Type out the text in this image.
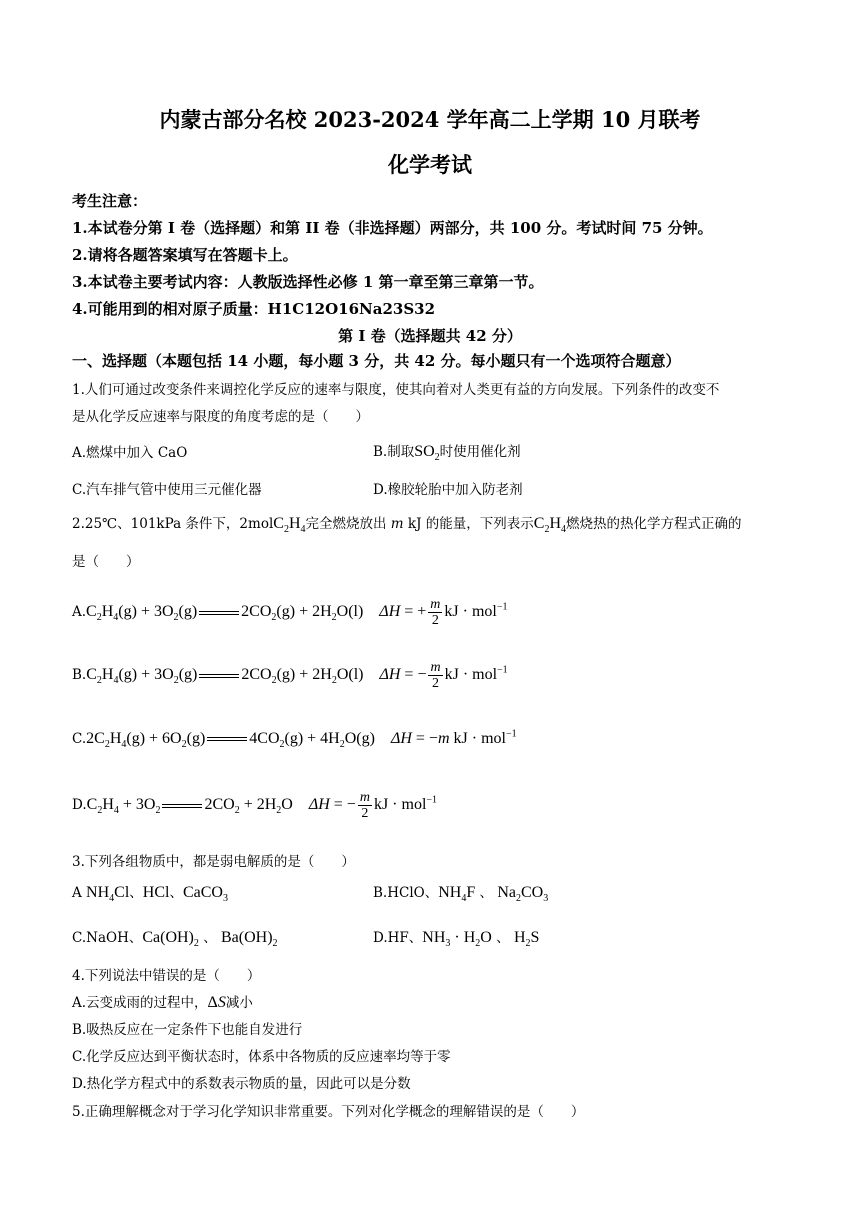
内蒙古部分名校 2023-2024 学年高二上学期 10 月联考
化学考试
考生注意：
1.本试卷分第 I 卷（选择题）和第 II 卷（非选择题）两部分，共 100 分。考试时间 75 分钟。
2.请将各题答案填写在答题卡上。
3.本试卷主要考试内容：人教版选择性必修 1 第一章至第三章第一节。
4.可能用到的相对原子质量：H1C12O16Na23S32
第 I 卷（选择题共 42 分）
一、选择题（本题包括 14 小题，每小题 3 分，共 42 分。每小题只有一个选项符合题意）
1.人们可通过改变条件来调控化学反应的速率与限度，使其向着对人类更有益的方向发展。下列条件的改变不
是从化学反应速率与限度的角度考虑的是（　　）
A.燃煤中加入 CaO	B.制取$SO_2$时使用催化剂
C.汽车排气管中使用三元催化器	D.橡胶轮胎中加入防老剂
2.25℃、101kPa 条件下，$2molC_2H_4$完全燃烧放出 m kJ 的能量，下列表示$C_2H_4$燃烧热的热化学方程式正确的
是（　　）
$A.C_2H_4(g) + 3O_2(g)$	$2CO_2(g) + 2H_2O(l)$    ΔH = + $\frac{m}{2}$ kJ · mol$^{-1}$
$B.C_2H_4(g) + 3O_2(g)$	$2CO_2(g) + 2H_2O(l)$    ΔH = − $\frac{m}{2}$ kJ · mol$^{-1}$
$C.2C_2H_4(g) + 6O_2(g)$	$4CO_2(g) + 4H_2O(g)$    ΔH = −m kJ · mol$^{-1}$
$D.C_2H_4 + 3O_2$	$2CO_2 + 2H_2O$    ΔH = − $\frac{m}{2}$ kJ · mol$^{-1}$
3.下列各组物质中，都是弱电解质的是（　　）
A $NH_4Cl$、HCl、CaCO$_3$	B.HClO、$NH_4F$ 、 $Na_2CO_3$
C.NaOH、$Ca(OH)_2$ 、 $Ba(OH)_2$	D.HF、$NH_3 \cdot H_2O$ 、 $H_2S$
4.下列说法中错误的是（　　）
A.云变成雨的过程中，ΔS减小
B.吸热反应在一定条件下也能自发进行
C.化学反应达到平衡状态时，体系中各物质的反应速率均等于零
D.热化学方程式中的系数表示物质的量，因此可以是分数
5.正确理解概念对于学习化学知识非常重要。下列对化学概念的理解错误的是（　　）
